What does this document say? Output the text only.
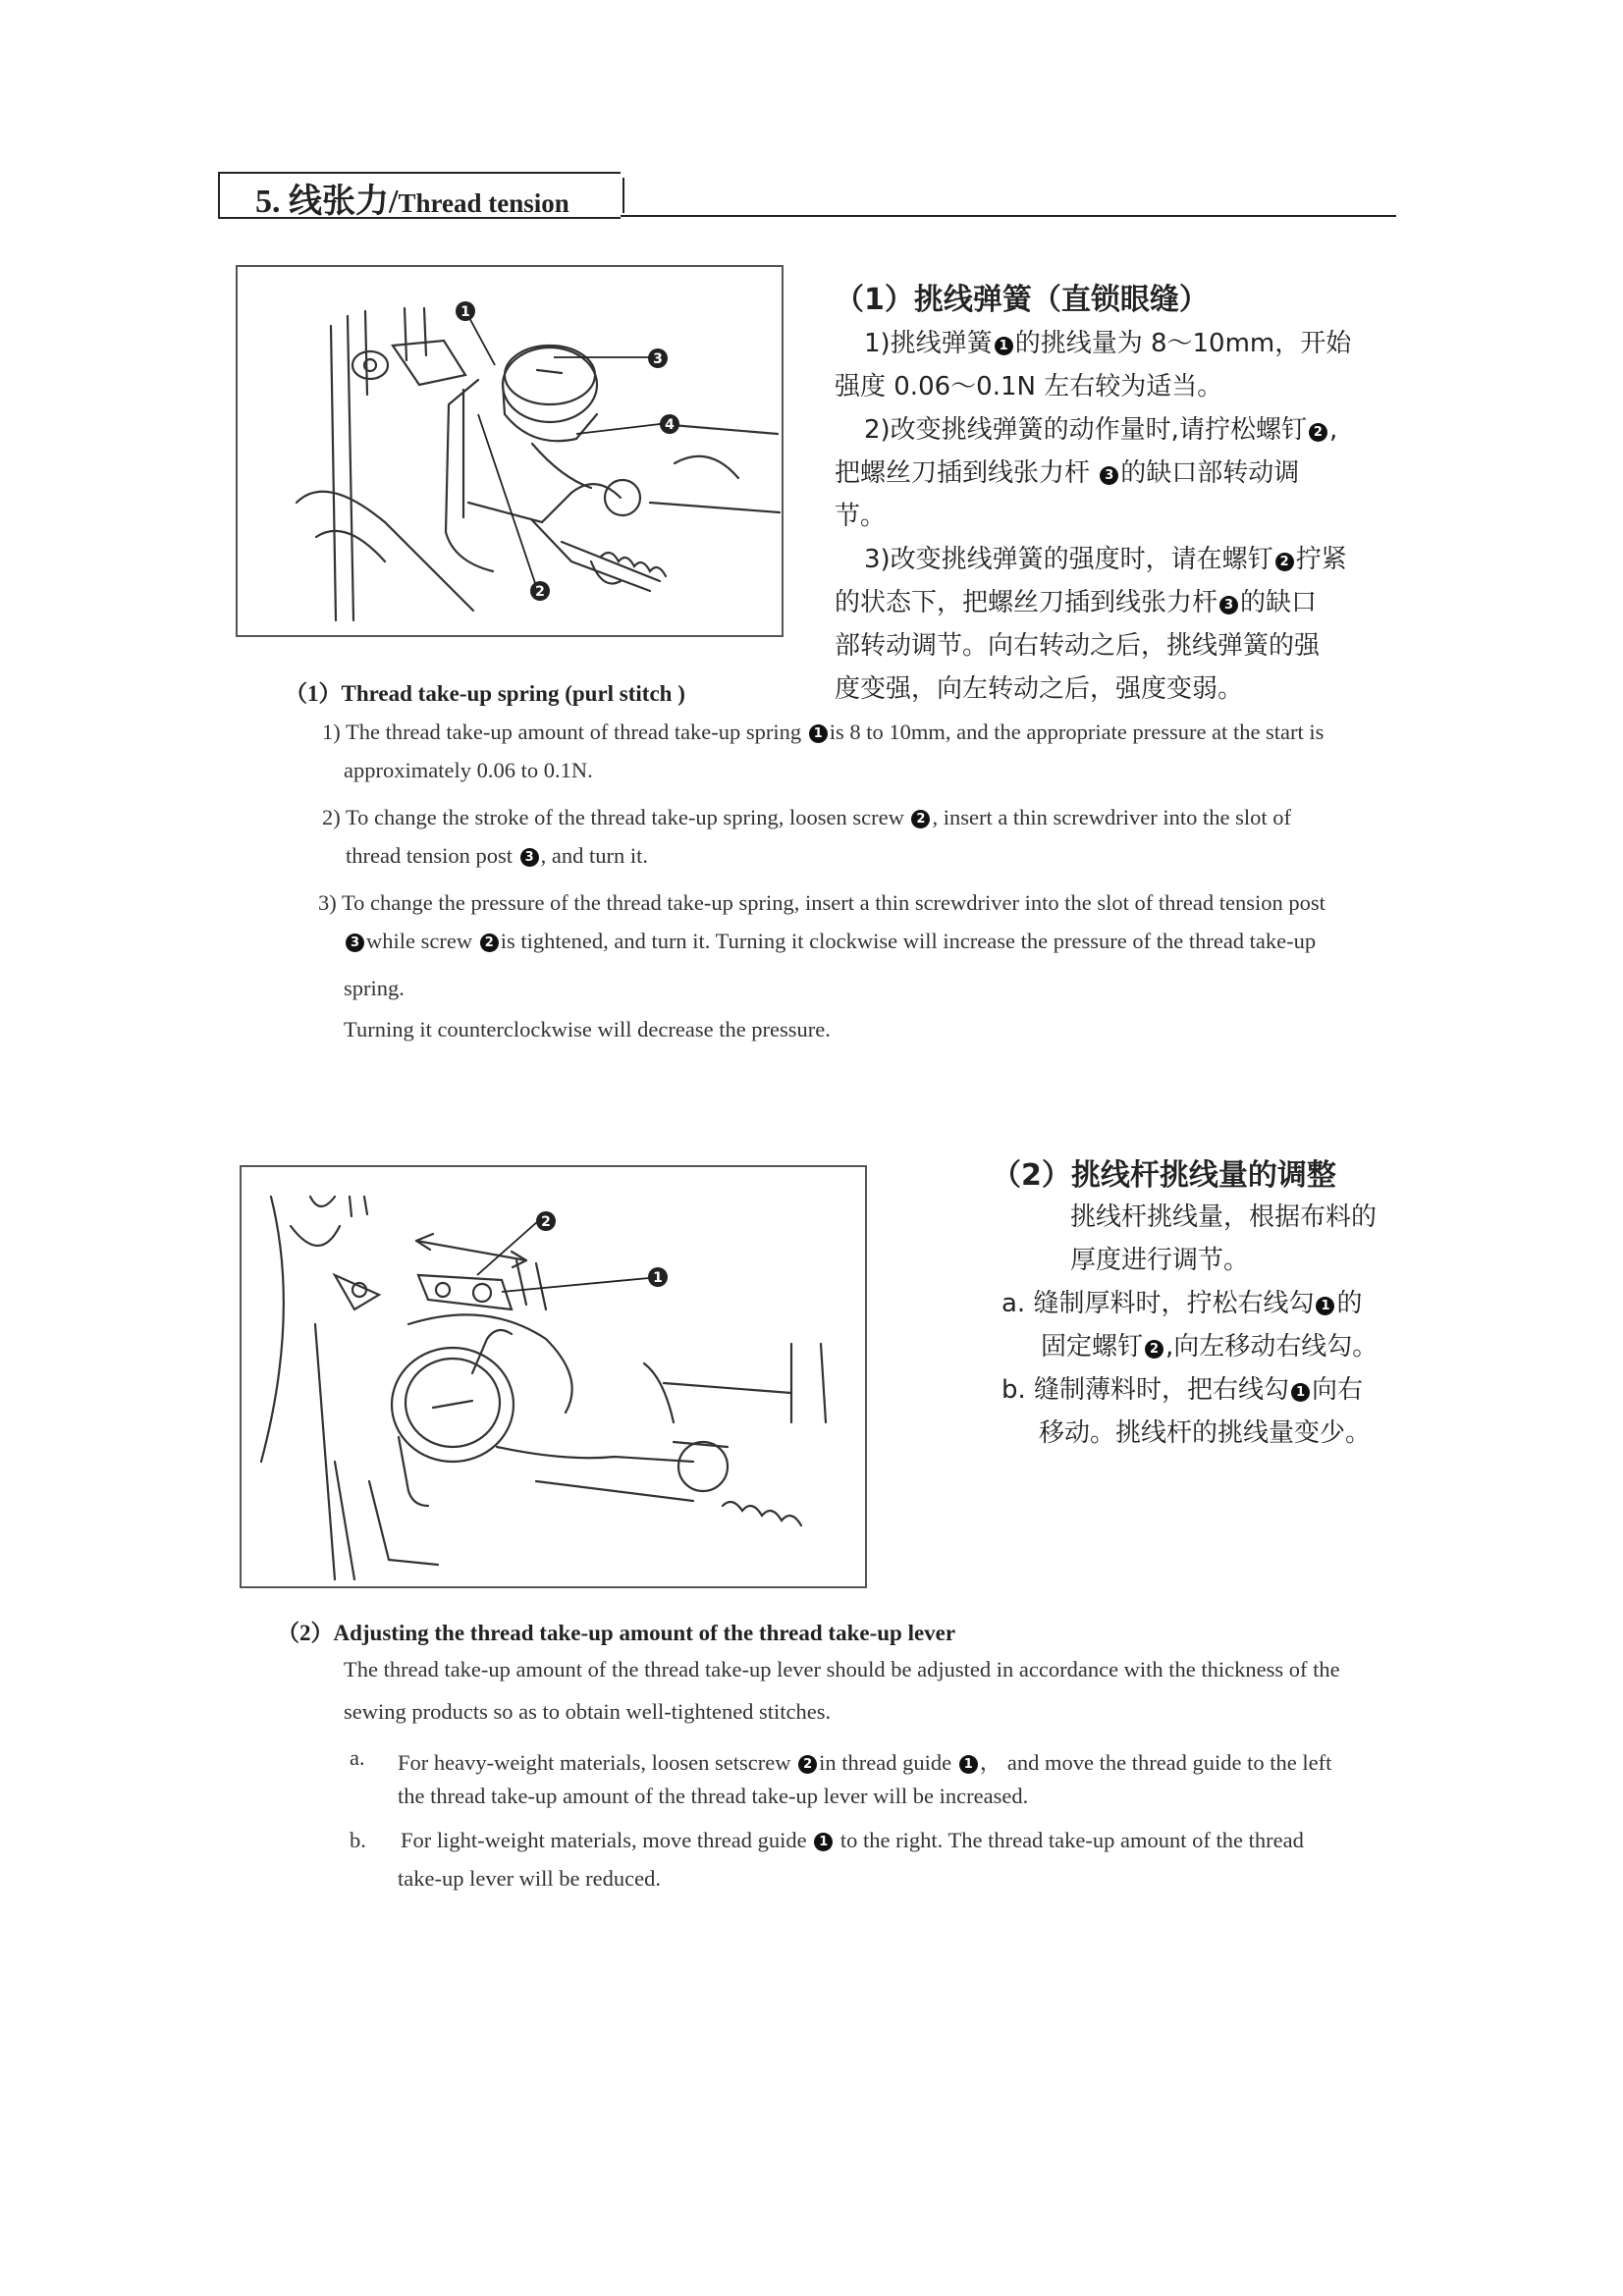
5. 线张力/Thread tension
1
3
4
2
（1）挑线弹簧（直锁眼缝）
1)挑线弹簧 1 的挑线量为 8～10mm，开始
强度 0.06～0.1N 左右较为适当。
2)改变挑线弹簧的动作量时,请拧松螺钉 2 ,
把螺丝刀插到线张力杆 3 的缺口部转动调
节。
3)改变挑线弹簧的强度时，请在螺钉 2 拧紧
的状态下，把螺丝刀插到线张力杆 3 的缺口
部转动调节。向右转动之后，挑线弹簧的强
度变强，向左转动之后，强度变弱。
（1）Thread take-up spring (purl stitch )
1) The thread take-up amount of thread take-up spring 1 is 8 to 10mm, and the appropriate pressure at the start is
approximately 0.06 to 0.1N.
2) To change the stroke of the thread take-up spring, loosen screw 2 , insert a thin screwdriver into the slot of
thread tension post 3 , and turn it.
3) To change the pressure of the thread take-up spring, insert a thin screwdriver into the slot of thread tension post
3 while screw 2 is tightened, and turn it. Turning it clockwise will increase the pressure of the thread take-up
spring.
Turning it counterclockwise will decrease the pressure.
2
1
（2）挑线杆挑线量的调整
挑线杆挑线量，根据布料的
厚度进行调节。
a. 缝制厚料时，拧松右线勾 1 的
固定螺钉 2 ,向左移动右线勾。
b. 缝制薄料时，把右线勾 1 向右
移动。挑线杆的挑线量变少。
（2）Adjusting the thread take-up amount of the thread take-up lever
The thread take-up amount of the thread take-up lever should be adjusted in accordance with the thickness of the
sewing products so as to obtain well-tightened stitches.
a. For heavy-weight materials, loosen setscrew 2 in thread guide 1 ， and move the thread guide to the left
the thread take-up amount of the thread take-up lever will be increased.
b. For light-weight materials, move thread guide 1 to the right. The thread take-up amount of the thread
take-up lever will be reduced.
